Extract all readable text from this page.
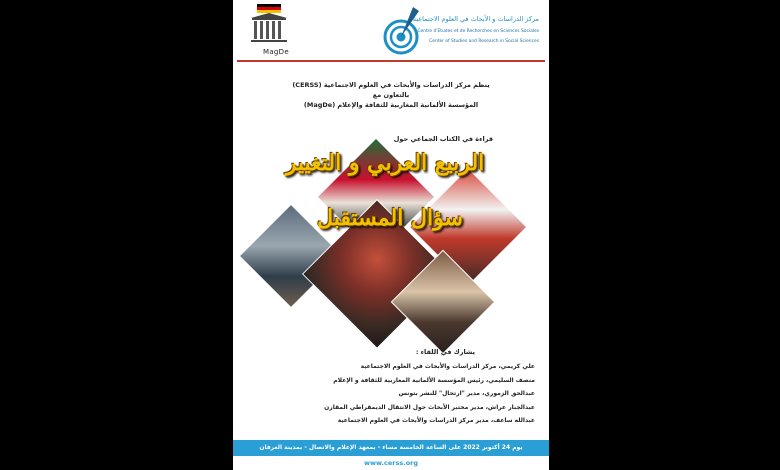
MagDe
مركز الدراسات و الأبحاث في العلوم الاجتماعية
Centre d'Etudes et de Recherches en Sciences Sociales
Center of Studies and Research in Social Sciences
ينظم مركز الدراسات والأبحاث في العلوم الاجتماعية (CERSS)
بالتعاون مع
المؤسسة الألمانية المغاربية للثقافة والإعلام (MagDe)
قراءة في الكتاب الجماعي حول
الربيع العربي و التغيير
سؤال المستقبل
يشارك في اللقاء :
علي كريمي، مركز الدراسات والأبحاث في العلوم الاجتماعية
منصف السليمي، رئيس المؤسسة الألمانية المغاربية للثقافة و الإعلام
عبدالحق الزموري، مدير "ارتحال" للنشر بتونس
عبدالجبار عراش، مدير مختبر الأبحاث حول الانتقال الديمقراطي المقارن
عبدالله ساعف، مدير مركز الدراسات والأبحاث في العلوم الاجتماعية
يوم 24 أكتوبر 2022 على الساعة الخامسة مساء - بمعهد الإعلام والاتصال - بمدينة العرفان
www.cerss.org
